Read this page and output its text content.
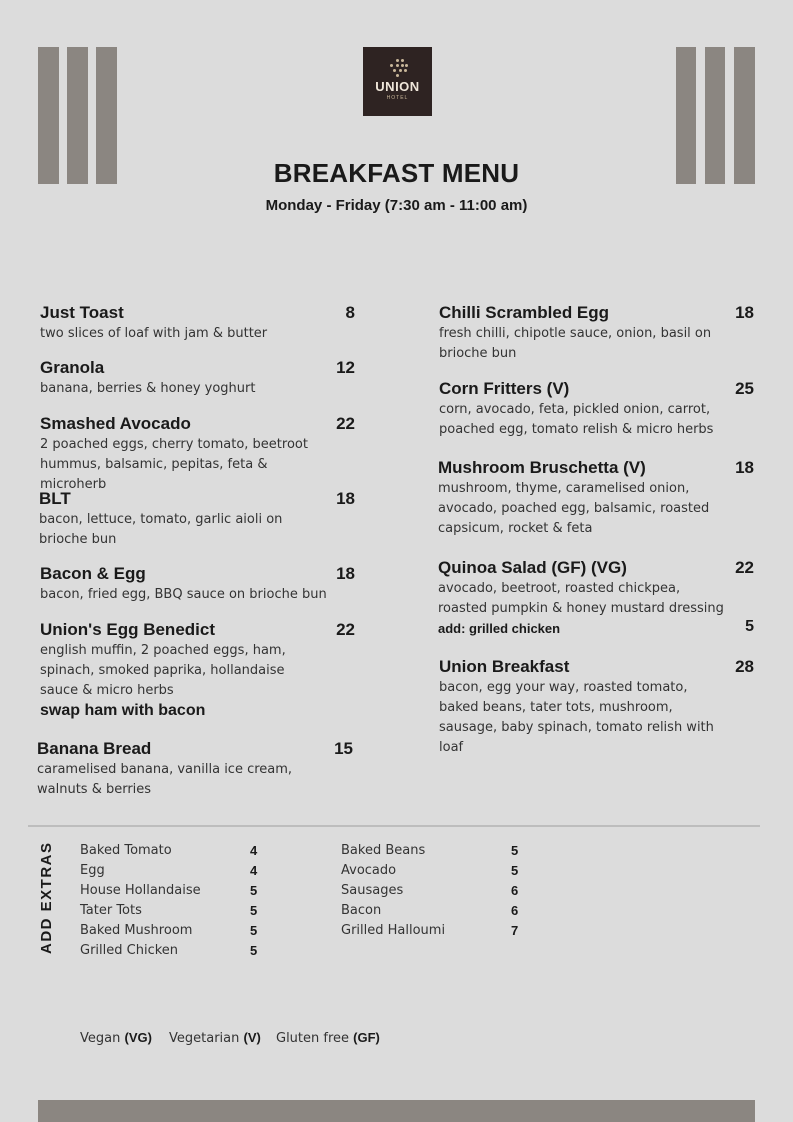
UNION
HOTEL
BREAKFAST MENU
Monday - Friday (7:30 am - 11:00 am)
Just Toast	8
two slices of loaf with jam & butter
Granola	12
banana, berries & honey yoghurt
Smashed Avocado	22
2 poached eggs, cherry tomato, beetroot hummus, balsamic, pepitas, feta & microherb
BLT	18
bacon, lettuce, tomato, garlic aioli on brioche bun
Bacon & Egg	18
bacon, fried egg, BBQ sauce on brioche bun
Union's Egg Benedict	22
english muffin, 2 poached eggs, ham, spinach, smoked paprika, hollandaise sauce & micro herbs
swap ham with bacon
Banana Bread	15
caramelised banana, vanilla ice cream, walnuts & berries
Chilli Scrambled Egg	18
fresh chilli, chipotle sauce, onion, basil on brioche bun
Corn Fritters (V)	25
corn, avocado, feta, pickled onion, carrot, poached egg, tomato relish & micro herbs
Mushroom Bruschetta (V)	18
mushroom, thyme, caramelised onion, avocado, poached egg, balsamic, roasted capsicum, rocket & feta
Quinoa Salad (GF) (VG)	22
avocado, beetroot, roasted chickpea, roasted pumpkin & honey mustard dressing
add: grilled chicken	5
Union Breakfast	28
bacon, egg your way, roasted tomato, baked beans, tater tots, mushroom, sausage, baby spinach, tomato relish with loaf
ADD EXTRAS Baked Tomato	4
Egg	4
House Hollandaise	5
Tater Tots	5
Baked Mushroom	5
Grilled Chicken	5
Baked Beans	5
Avocado	5
Sausages	6
Bacon	6
Grilled Halloumi	7
Vegan (VG) Vegetarian (V) Gluten free (GF)
